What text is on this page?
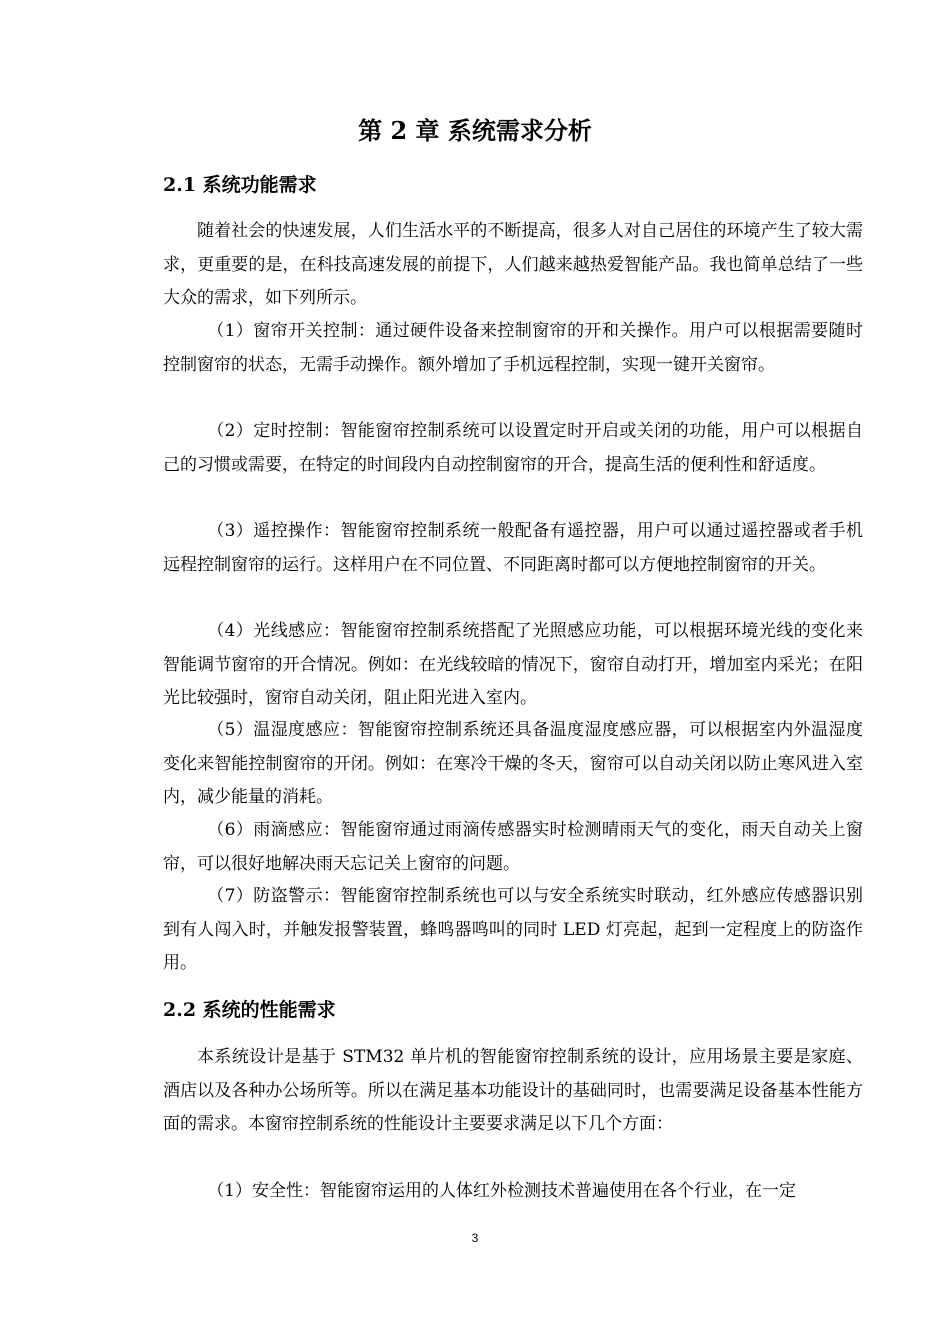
第 2 章 系统需求分析
2.1 系统功能需求

随着社会的快速发展，人们生活水平的不断提高，很多人对自己居住的环境产生了较大需求，更重要的是，在科技高速发展的前提下，人们越来越热爱智能产品。我也简单总结了一些大众的需求，如下列所示。

（1）窗帘开关控制：通过硬件设备来控制窗帘的开和关操作。用户可以根据需要随时控制窗帘的状态，无需手动操作。额外增加了手机远程控制，实现一键开关窗帘。

（2）定时控制：智能窗帘控制系统可以设置定时开启或关闭的功能，用户可以根据自己的习惯或需要，在特定的时间段内自动控制窗帘的开合，提高生活的便利性和舒适度。

（3）遥控操作：智能窗帘控制系统一般配备有遥控器，用户可以通过遥控器或者手机远程控制窗帘的运行。这样用户在不同位置、不同距离时都可以方便地控制窗帘的开关。

（4）光线感应：智能窗帘控制系统搭配了光照感应功能，可以根据环境光线的变化来智能调节窗帘的开合情况。例如：在光线较暗的情况下，窗帘自动打开，增加室内采光；在阳光比较强时，窗帘自动关闭，阻止阳光进入室内。

（5）温湿度感应：智能窗帘控制系统还具备温度湿度感应器，可以根据室内外温湿度变化来智能控制窗帘的开闭。例如：在寒冷干燥的冬天，窗帘可以自动关闭以防止寒风进入室内，减少能量的消耗。

（6）雨滴感应：智能窗帘通过雨滴传感器实时检测晴雨天气的变化，雨天自动关上窗帘，可以很好地解决雨天忘记关上窗帘的问题。

（7）防盗警示：智能窗帘控制系统也可以与安全系统实时联动，红外感应传感器识别到有人闯入时，并触发报警装置，蜂鸣器鸣叫的同时 LED 灯亮起，起到一定程度上的防盗作用。

2.2 系统的性能需求

本系统设计是基于 STM32 单片机的智能窗帘控制系统的设计，应用场景主要是家庭、酒店以及各种办公场所等。所以在满足基本功能设计的基础同时，也需要满足设备基本性能方面的需求。本窗帘控制系统的性能设计主要要求满足以下几个方面：

（1）安全性：智能窗帘运用的人体红外检测技术普遍使用在各个行业，在一定

3
